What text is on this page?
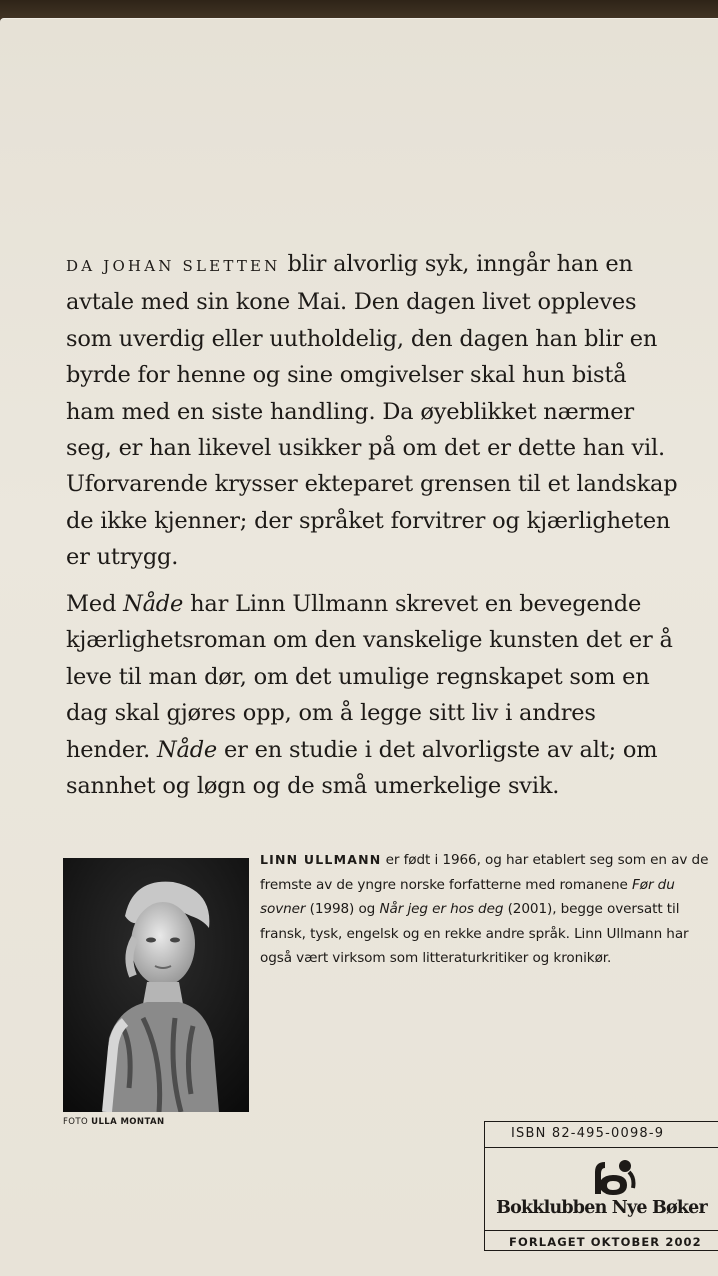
DA JOHAN SLETTEN blir alvorlig syk, inngår han en avtale med sin kone Mai. Den dagen livet oppleves som uverdig eller uutholdelig, den dagen han blir en byrde for henne og sine omgivelser skal hun bistå ham med en siste handling. Da øyeblikket nærmer seg, er han likevel usikker på om det er dette han vil. Uforvarende krysser ekteparet grensen til et landskap de ikke kjenner; der språket forvitrer og kjærligheten er utrygg.
Med Nåde har Linn Ullmann skrevet en bevegende kjærlighetsroman om den vanskelige kunsten det er å leve til man dør, om det umulige regnskapet som en dag skal gjøres opp, om å legge sitt liv i andres hender. Nåde er en studie i det alvorligste av alt; om sannhet og løgn og de små umerkelige svik.
FOTO ULLA MONTAN
LINN ULLMANN er født i 1966, og har etablert seg som en av de fremste av de yngre norske forfatterne med romanene Før du sovner (1998) og Når jeg er hos deg (2001), begge oversatt til fransk, tysk, engelsk og en rekke andre språk. Linn Ullmann har også vært virksom som litteraturkritiker og kronikør.
ISBN 82-495-0098-9
Bokklubben Nye Bøker
FORLAGET OKTOBER 2002
